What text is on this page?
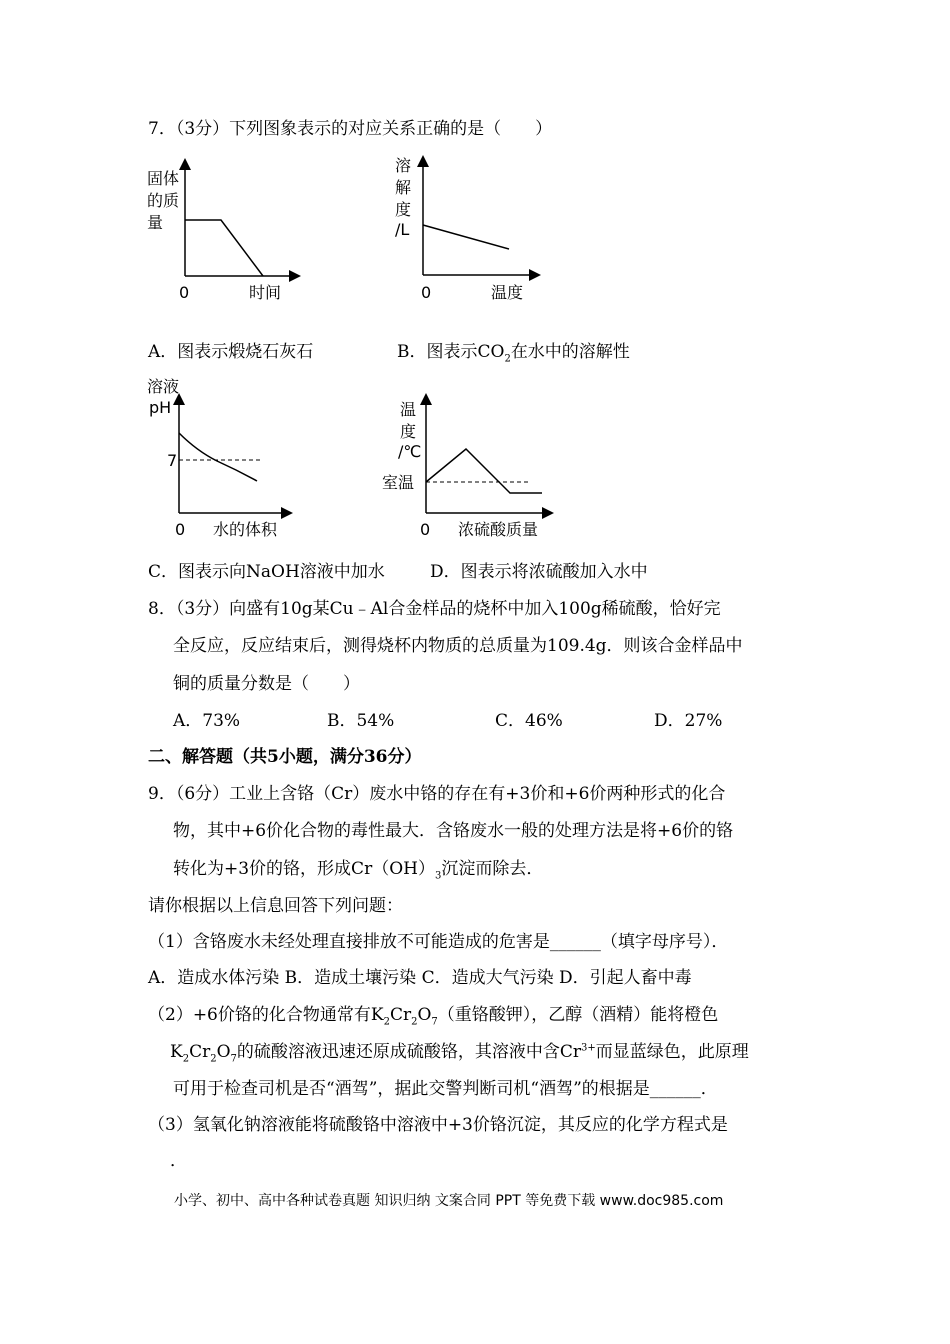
7．（3分）下列图象表示的对应关系正确的是（　　）
固体
的质
量
0	时间
溶
解
度
/L
0	温度
A．图表示煅烧石灰石	B．图表示$CO_2$在水中的溶解性
溶液
pH
7
0 水的体积
温
度
/℃
室温
0 浓硫酸质量
C．图表示向NaOH溶液中加水	D．图表示将浓硫酸加入水中
8．（3分）向盛有10g某Cu﹣Al合金样品的烧杯中加入100g稀硫酸，恰好完
全反应，反应结束后，测得烧杯内物质的总质量为109.4g．则该合金样品中
铜的质量分数是（　　）
A．73%	B．54%	C．46%	D．27%
二、解答题（共5小题，满分36分）
9．（6分）工业上含铬（Cr）废水中铬的存在有+3价和+6价两种形式的化合
物，其中+6价化合物的毒性最大．含铬废水一般的处理方法是将+6价的铬
转化为+3价的铬，形成$Cr(OH)_3$沉淀而除去．
请你根据以上信息回答下列问题：
（1）含铬废水未经处理直接排放不可能造成的危害是______（填字母序号）．
A．造成水体污染 B．造成土壤污染 C．造成大气污染 D．引起人畜中毒
（2）+6价铬的化合物通常有$K_2Cr_2O_7$（重铬酸钾），乙醇（酒精）能将橙色
$K_2Cr_2O_7$的硫酸溶液迅速还原成硫酸铬，其溶液中含$Cr^{3+}$而显蓝绿色，此原理
可用于检查司机是否“酒驾”，据此交警判断司机“酒驾”的根据是______．
（3）氢氧化钠溶液能将硫酸铬中溶液中+3价铬沉淀，其反应的化学方程式是
．
小学、初中、高中各种试卷真题 知识归纳 文案合同 PPT 等免费下载 www.doc985.com
